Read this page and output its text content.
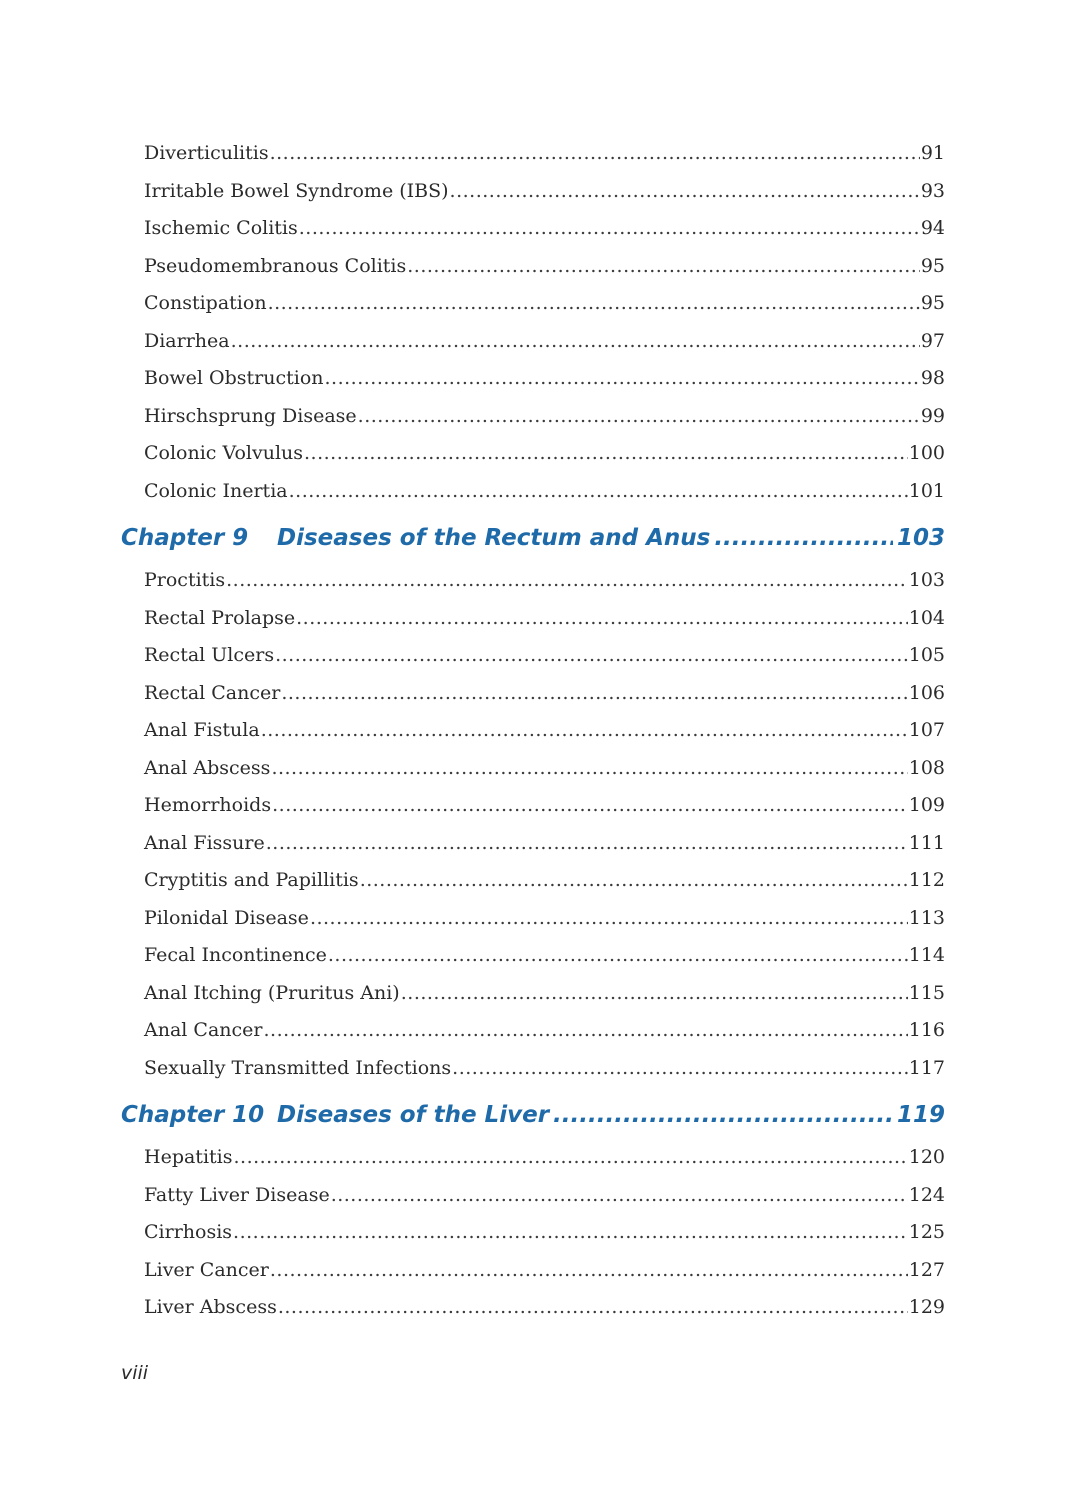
Diverticulitis .....	91
Irritable Bowel Syndrome (IBS) .....	93
Ischemic Colitis .....	94
Pseudomembranous Colitis .....	95
Constipation .....	95
Diarrhea .....	97
Bowel Obstruction .....	98
Hirschsprung Disease .....	99
Colonic Volvulus .....	100
Colonic Inertia .....	101
Chapter 9	Diseases of the Rectum and Anus .....	103
Proctitis .....	103
Rectal Prolapse .....	104
Rectal Ulcers .....	105
Rectal Cancer .....	106
Anal Fistula .....	107
Anal Abscess .....	108
Hemorrhoids .....	109
Anal Fissure .....	111
Cryptitis and Papillitis .....	112
Pilonidal Disease .....	113
Fecal Incontinence .....	114
Anal Itching (Pruritus Ani) .....	115
Anal Cancer .....	116
Sexually Transmitted Infections .....	117
Chapter 10 Diseases of the Liver .....	119
Hepatitis .....	120
Fatty Liver Disease .....	124
Cirrhosis .....	125
Liver Cancer .....	127
Liver Abscess .....	129
viii
